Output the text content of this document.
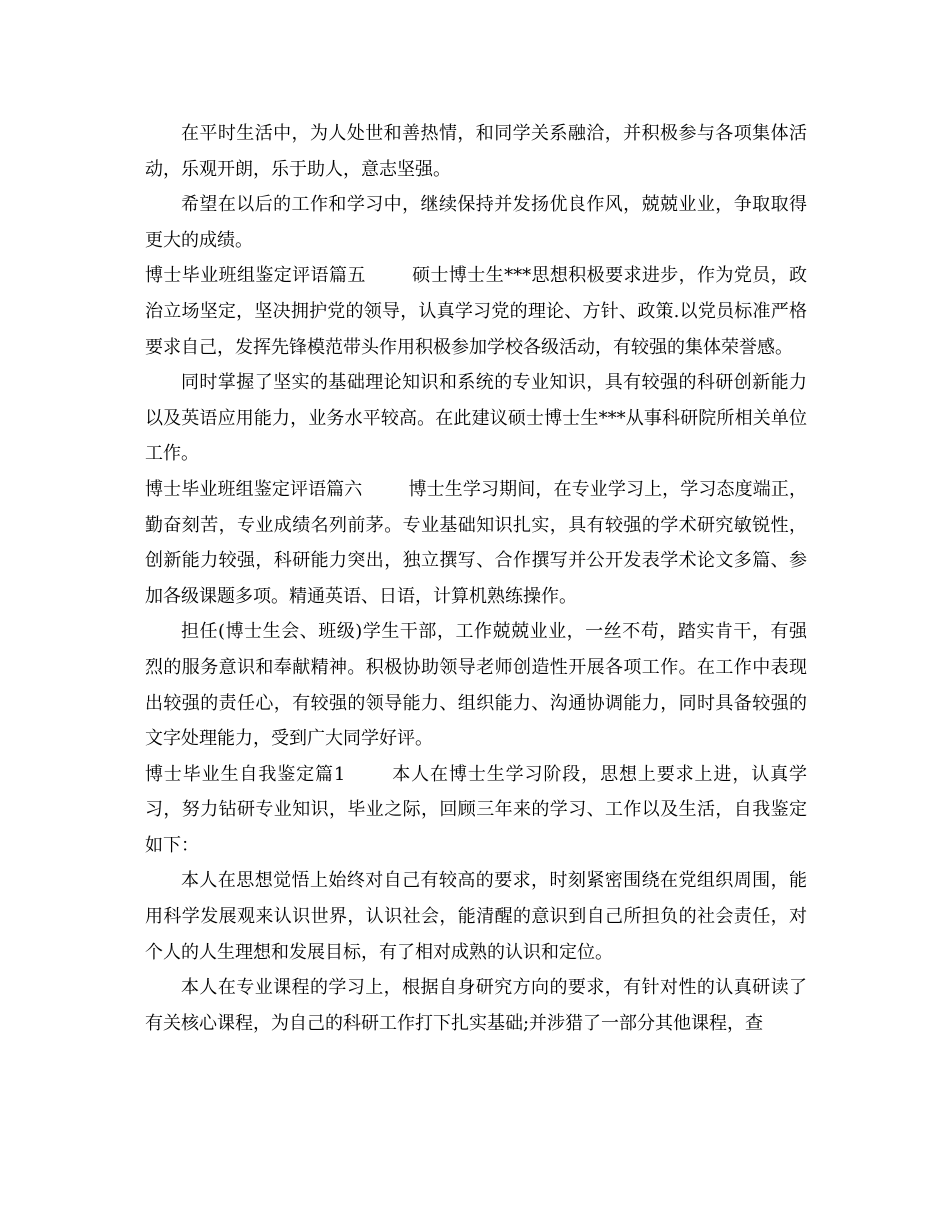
在平时生活中，为人处世和善热情，和同学关系融洽，并积极参与各项集体活动，乐观开朗，乐于助人，意志坚强。

希望在以后的工作和学习中，继续保持并发扬优良作风，兢兢业业，争取取得更大的成绩。

博士毕业班组鉴定评语篇五	硕士博士生***思想积极要求进步，作为党员，政治立场坚定，坚决拥护党的领导，认真学习党的理论、方针、政策.以党员标准严格要求自己，发挥先锋模范带头作用积极参加学校各级活动，有较强的集体荣誉感。

同时掌握了坚实的基础理论知识和系统的专业知识，具有较强的科研创新能力以及英语应用能力，业务水平较高。在此建议硕士博士生***从事科研院所相关单位工作。

博士毕业班组鉴定评语篇六	博士生学习期间，在专业学习上，学习态度端正，勤奋刻苦，专业成绩名列前茅。专业基础知识扎实，具有较强的学术研究敏锐性，创新能力较强，科研能力突出，独立撰写、合作撰写并公开发表学术论文多篇、参加各级课题多项。精通英语、日语，计算机熟练操作。

担任(博士生会、班级)学生干部，工作兢兢业业，一丝不苟，踏实肯干，有强烈的服务意识和奉献精神。积极协助领导老师创造性开展各项工作。在工作中表现出较强的责任心，有较强的领导能力、组织能力、沟通协调能力，同时具备较强的文字处理能力，受到广大同学好评。

博士毕业生自我鉴定篇1	本人在博士生学习阶段，思想上要求上进，认真学习，努力钻研专业知识，毕业之际，回顾三年来的学习、工作以及生活，自我鉴定如下：

本人在思想觉悟上始终对自己有较高的要求，时刻紧密围绕在党组织周围，能用科学发展观来认识世界，认识社会，能清醒的意识到自己所担负的社会责任，对个人的人生理想和发展目标，有了相对成熟的认识和定位。

本人在专业课程的学习上，根据自身研究方向的要求，有针对性的认真研读了有关核心课程，为自己的科研工作打下扎实基础;并涉猎了一部分其他课程，查
